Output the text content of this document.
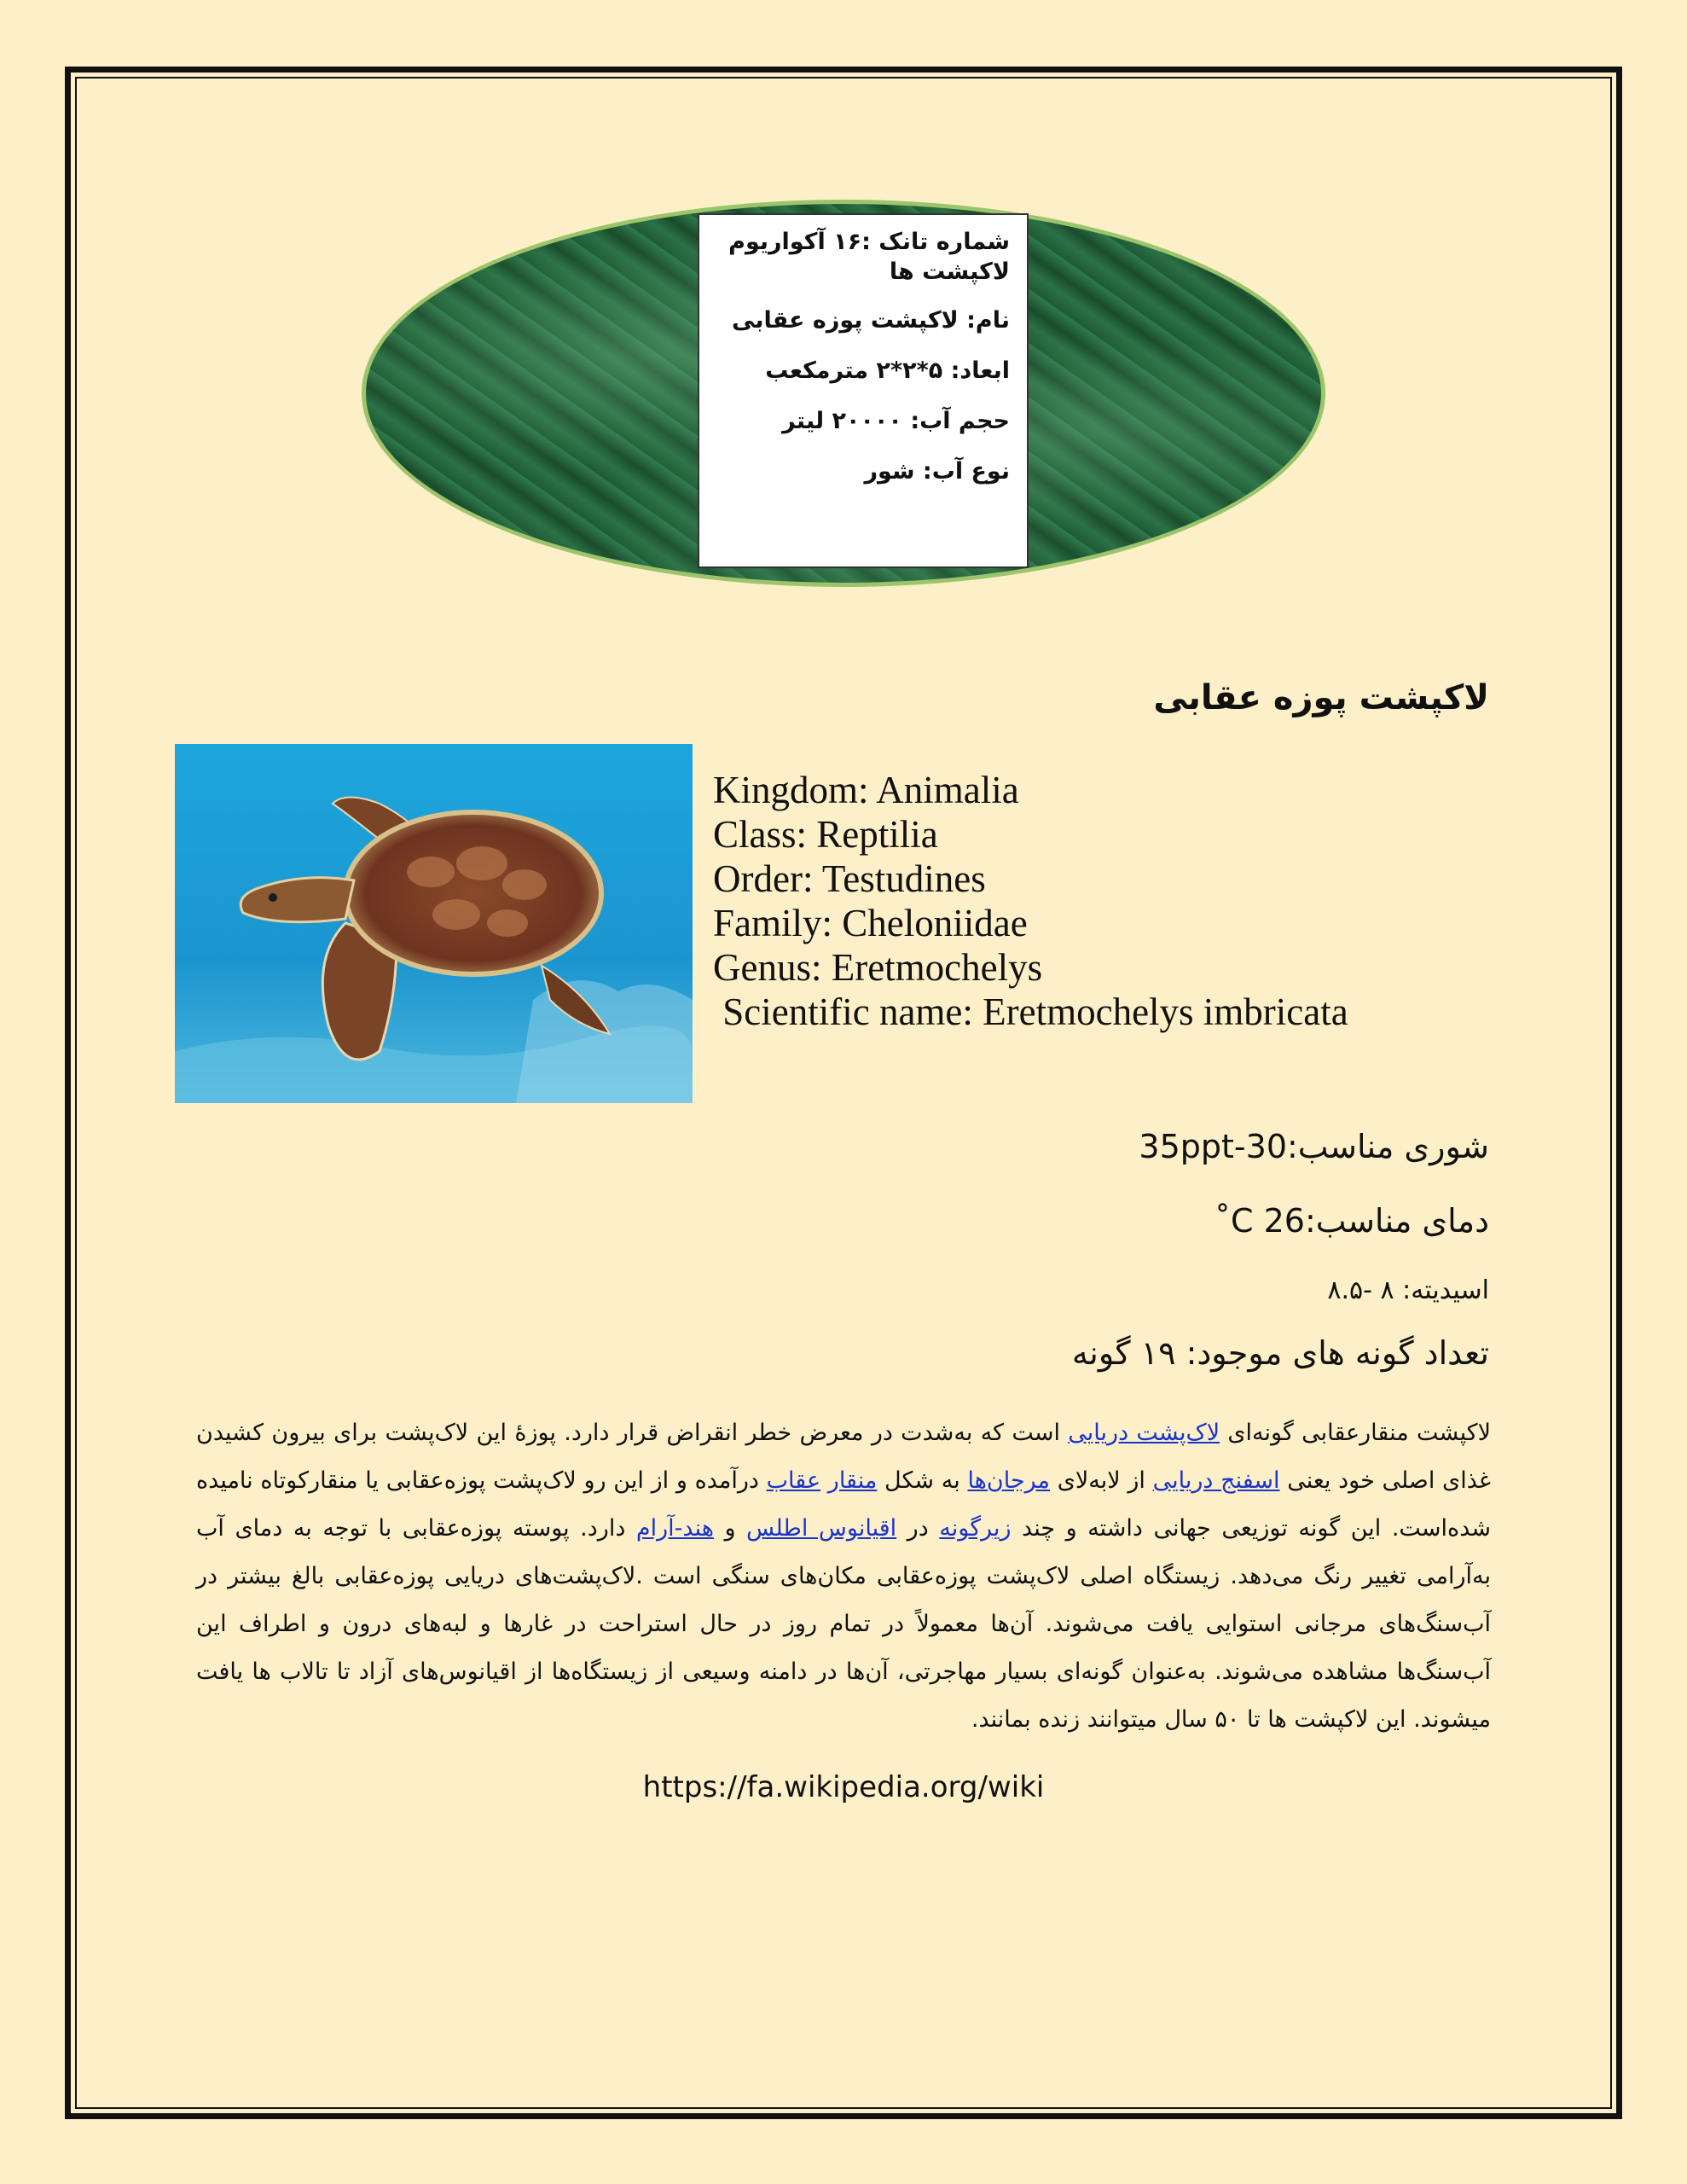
شماره تانک :۱۶ آکواریوم لاکپشت ها
نام: لاکپشت پوزه عقابی
ابعاد: ۵*۲*۲ مترمکعب
حجم آب: ۲۰۰۰۰ لیتر
نوع آب: شور
لاکپشت پوزه عقابی
Kingdom: Animalia
Class: Reptilia
Order: Testudines
Family: Cheloniidae
Genus: Eretmochelys
Scientific name: Eretmochelys imbricata
شوری مناسب:30-35ppt
دمای مناسب:26 C˚
اسیدیته: ۸ -۸.۵
تعداد گونه های موجود: ۱۹ گونه
لاکپشت منقارعقابی گونه‌ای لاک‌پشت دریایی است که به‌شدت در معرض خطر انقراض قرار دارد. پوزهٔ این لاک‌پشت برای بیرون کشیدن غذای اصلی خود یعنی اسفنج دریایی از لابه‌لای مرجان‌ها به شکل منقار عقاب درآمده و از این رو لاک‌پشت پوزه‌عقابی یا منقارکوتاه نامیده شده‌است. این گونه توزیعی جهانی داشته و چند زیرگونه در اقیانوس اطلس و هند-آرام دارد. پوسته پوزه‌عقابی با توجه به دمای آب به‌آرامی تغییر رنگ می‌دهد. زیستگاه اصلی لاک‌پشت پوزه‌عقابی مکان‌های سنگی است .لاک‌پشت‌های دریایی پوزه‌عقابی بالغ بیشتر در آب‌سنگ‌های مرجانی استوایی یافت می‌شوند. آن‌ها معمولاً در تمام روز در حال استراحت در غارها و لبه‌های درون و اطراف این آب‌سنگ‌ها مشاهده می‌شوند. به‌عنوان گونه‌ای بسیار مهاجرتی، آن‌ها در دامنه وسیعی از زیستگاه‌ها از اقیانوس‌های آزاد تا تالاب ها یافت میشوند. این لاکپشت ها تا ۵۰ سال میتوانند زنده بمانند.
https://fa.wikipedia.org/wiki
